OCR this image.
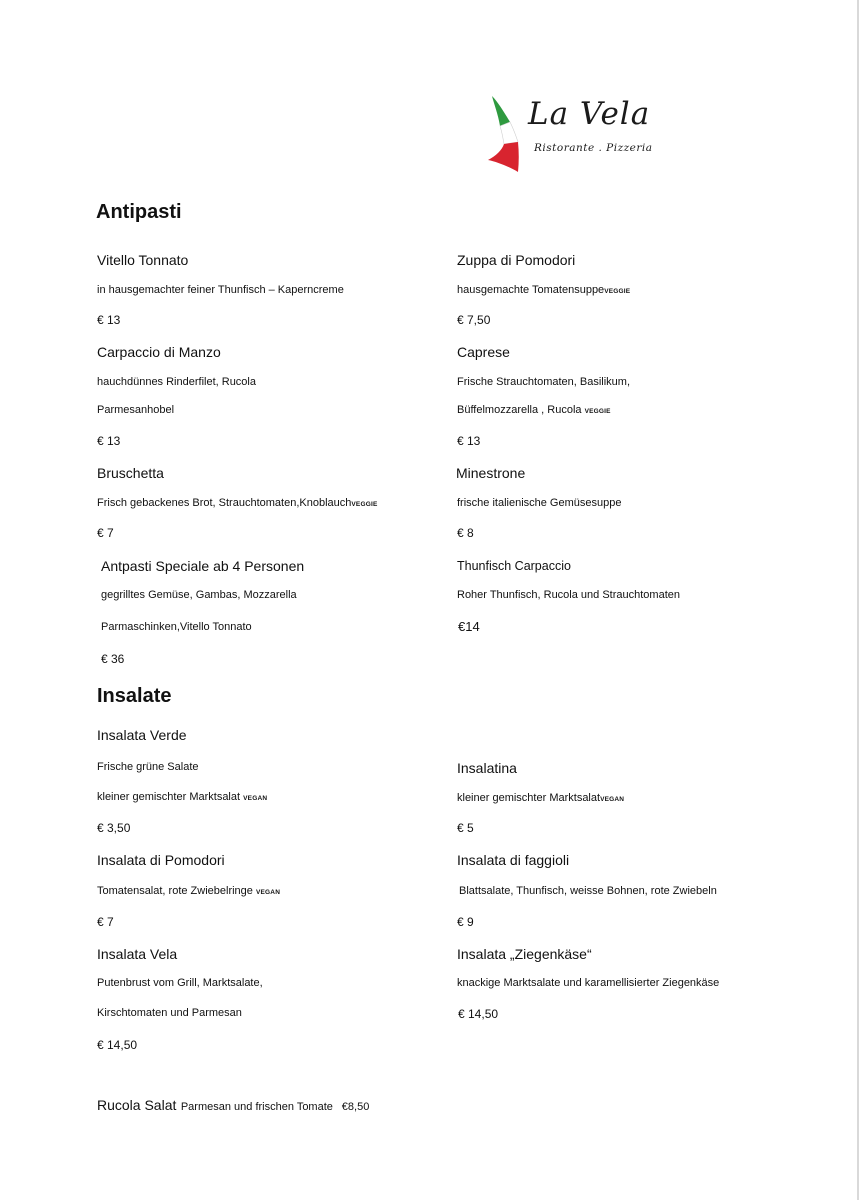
La Vela
Ristorante . Pizzeria
Antipasti
Vitello Tonnato
in hausgemachter feiner Thunfisch – Kaperncreme
€ 13
Carpaccio di Manzo
hauchdünnes Rinderfilet, Rucola
Parmesanhobel
€ 13
Bruschetta
Frisch gebackenes Brot, Strauchtomaten,KnoblauchVEGGIE
€ 7
Antpasti Speciale ab 4 Personen
gegrilltes Gemüse, Gambas, Mozzarella
Parmaschinken,Vitello Tonnato
€ 36
Zuppa di Pomodori
hausgemachte TomatensuppeVEGGIE
€ 7,50
Caprese
Frische Strauchtomaten, Basilikum,
Büffelmozzarella , Rucola VEGGIE
€ 13
Minestrone
frische italienische Gemüsesuppe
€ 8
Thunfisch Carpaccio
Roher Thunfisch, Rucola und Strauchtomaten
€14
Insalate
Insalata Verde
Frische grüne Salate
kleiner gemischter Marktsalat VEGAN
€ 3,50
Insalata di Pomodori
Tomatensalat, rote Zwiebelringe VEGAN
€ 7
Insalata Vela
Putenbrust vom Grill, Marktsalate,
Kirschtomaten und Parmesan
€ 14,50
Insalatina
kleiner gemischter MarktsalatVEGAN
€ 5
Insalata di faggioli
Blattsalate, Thunfisch, weisse Bohnen, rote Zwiebeln
€ 9
Insalata „Ziegenkäse“
knackige Marktsalate und karamellisierter Ziegenkäse
€ 14,50
Rucola Salat Parmesan und frischen Tomate €8,50
